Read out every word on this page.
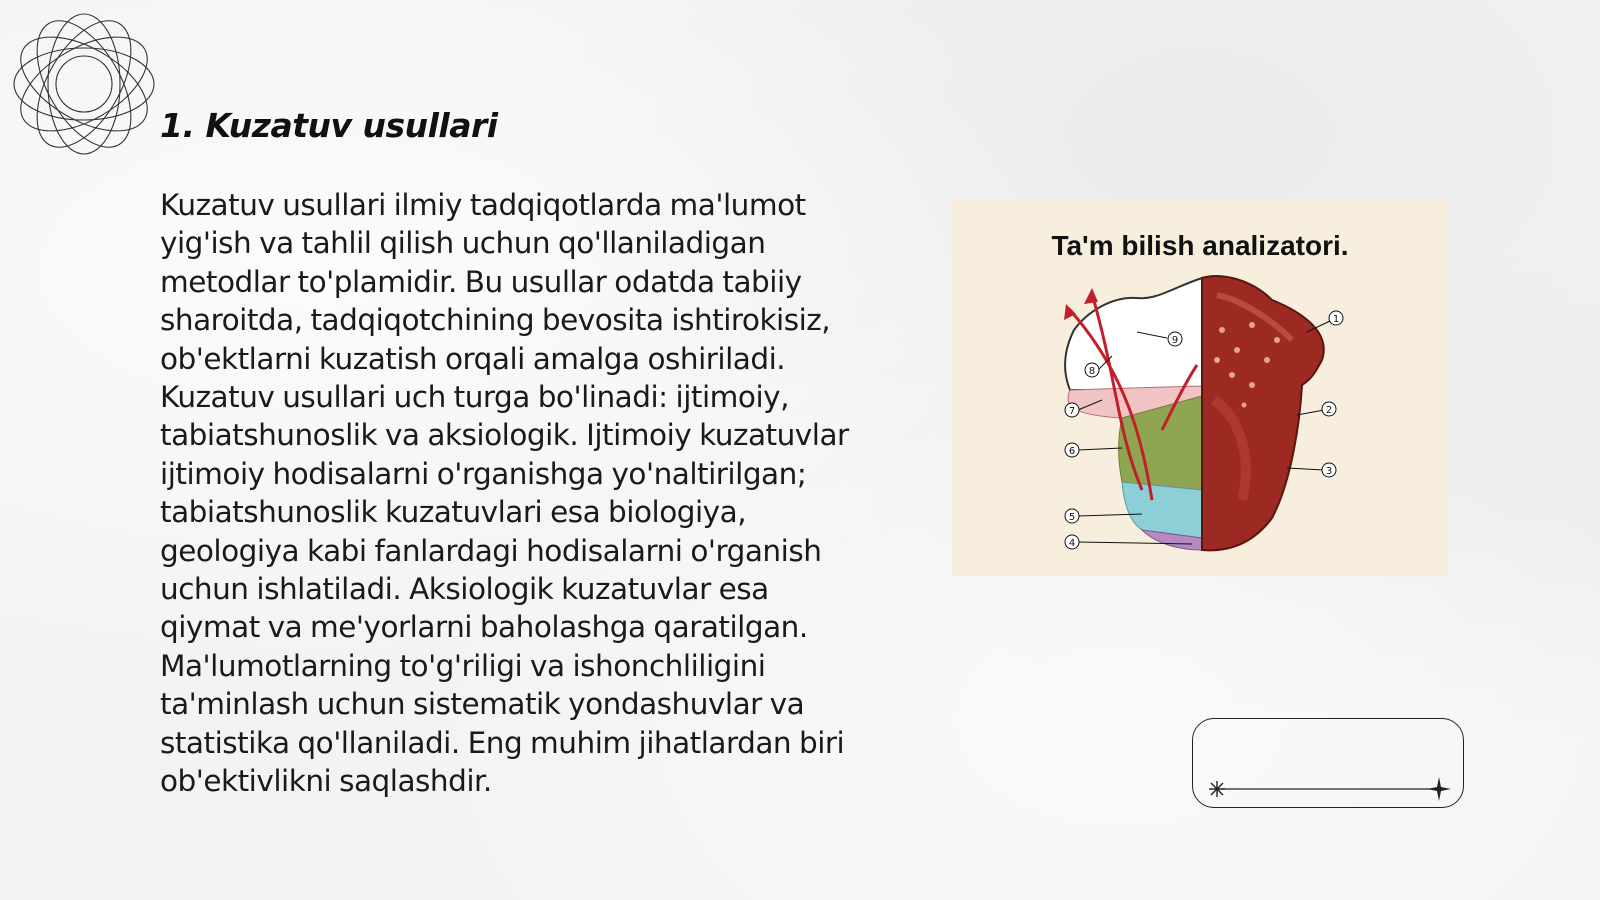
1. Kuzatuv usullari

Kuzatuv usullari ilmiy tadqiqotlarda ma'lumot yig'ish va tahlil qilish uchun qo'llaniladigan metodlar to'plamidir. Bu usullar odatda tabiiy sharoitda, tadqiqotchining bevosita ishtirokisiz, ob'ektlarni kuzatish orqali amalga oshiriladi. Kuzatuv usullari uch turga bo'linadi: ijtimoiy, tabiatshunoslik va aksiologik. Ijtimoiy kuzatuvlar ijtimoiy hodisalarni o'rganishga yo'naltirilgan; tabiatshunoslik kuzatuvlari esa biologiya, geologiya kabi fanlardagi hodisalarni o'rganish uchun ishlatiladi. Aksiologik kuzatuvlar esa qiymat va me'yorlarni baholashga qaratilgan. Ma'lumotlarning to'g'riligi va ishonchliligini ta'minlash uchun sistematik yondashuvlar va statistika qo'llaniladi. Eng muhim jihatlardan biri ob'ektivlikni saqlashdir.

Ta'm bilish analizatori.
1
2
3
4
5
6
7
8
9
